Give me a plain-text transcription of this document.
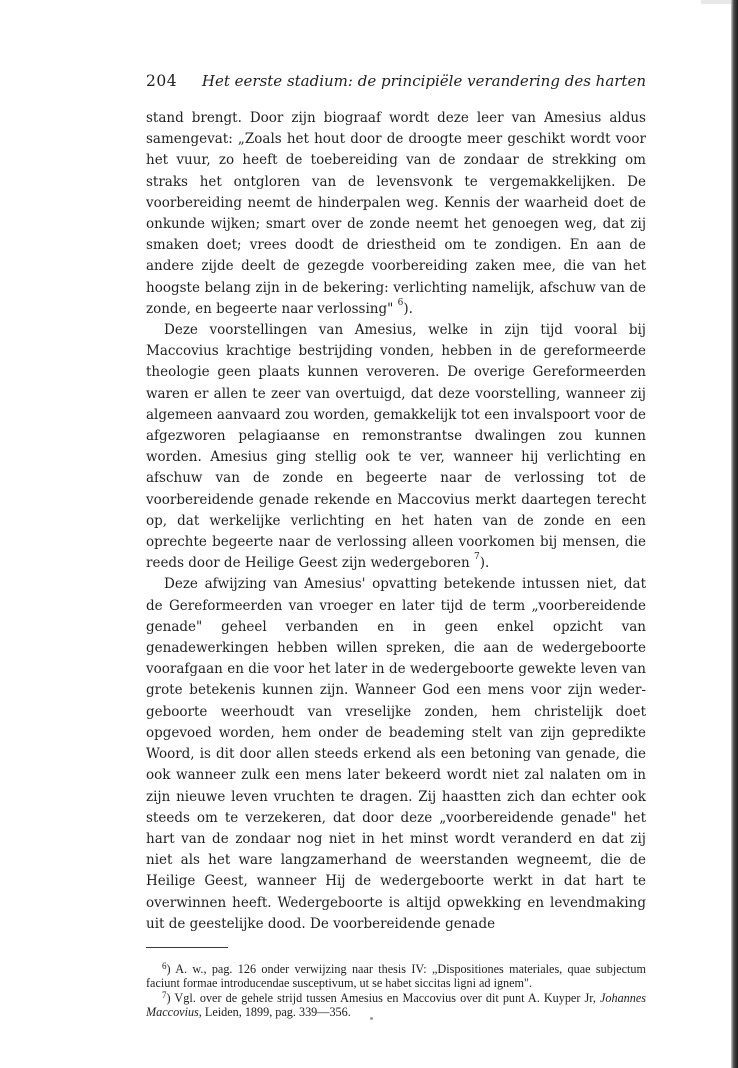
204	Het eerste stadium: de principiële verandering des harten

stand brengt. Door zijn biograaf wordt deze leer van Amesius aldus samengevat: „Zoals het hout door de droogte meer geschikt wordt voor het vuur, zo heeft de toebereiding van de zondaar de strekking om straks het ontgloren van de levensvonk te vergemakkelijken. De voorbereiding neemt de hinderpalen weg. Kennis der waarheid doet de onkunde wijken; smart over de zonde neemt het genoegen weg, dat zij smaken doet; vrees doodt de driestheid om te zondigen. En aan de andere zijde deelt de gezegde voorbereiding zaken mee, die van het hoogste belang zijn in de bekering: verlichting namelijk, afschuw van de zonde, en begeerte naar verlossing" $^6$).

Deze voorstellingen van Amesius, welke in zijn tijd vooral bij Maccovius krachtige bestrijding vonden, hebben in de gereformeerde theologie geen plaats kunnen veroveren. De overige Gereformeerden waren er allen te zeer van overtuigd, dat deze voorstelling, wanneer zij algemeen aanvaard zou worden, gemakkelijk tot een invalspoort voor de afgezworen pelagiaanse en remonstrantse dwalingen zou kunnen worden. Amesius ging stellig ook te ver, wanneer hij verlichting en afschuw van de zonde en begeerte naar de verlossing tot de voorbereidende genade rekende en Maccovius merkt daartegen terecht op, dat werkelijke verlichting en het haten van de zonde en een oprechte begeerte naar de verlossing alleen voorkomen bij mensen, die reeds door de Heilige Geest zijn wedergeboren $^7$).

Deze afwijzing van Amesius' opvatting betekende intussen niet, dat de Gereformeerden van vroeger en later tijd de term „voorbereidende genade" geheel verbanden en in geen enkel opzicht van genadewerkingen hebben willen spreken, die aan de wedergeboorte voorafgaan en die voor het later in de wedergeboorte gewekte leven van grote betekenis kunnen zijn. Wanneer God een mens voor zijn wedergeboorte weerhoudt van vreselijke zonden, hem christelijk doet opgevoed worden, hem onder de beademing stelt van zijn gepredikte Woord, is dit door allen steeds erkend als een betoning van genade, die ook wanneer zulk een mens later bekeerd wordt niet zal nalaten om in zijn nieuwe leven vruchten te dragen. Zij haastten zich dan echter ook steeds om te verzekeren, dat door deze „voorbereidende genade" het hart van de zondaar nog niet in het minst wordt veranderd en dat zij niet als het ware langzamerhand de weerstanden wegneemt, die de Heilige Geest, wanneer Hij de wedergeboorte werkt in dat hart te overwinnen heeft. Wedergeboorte is altijd opwekking en levendmaking uit de geestelijke dood. De voorbereidende genade

$^6$) A. w., pag. 126 onder verwijzing naar thesis IV: „Dispositiones materiales, quae subjectum faciunt formae introducendae susceptivum, ut se habet siccitas ligni ad ignem".

$^7$) Vgl. over de gehele strijd tussen Amesius en Maccovius over dit punt A. Kuyper Jr, Johannes Maccovius, Leiden, 1899, pag. 339—356.
